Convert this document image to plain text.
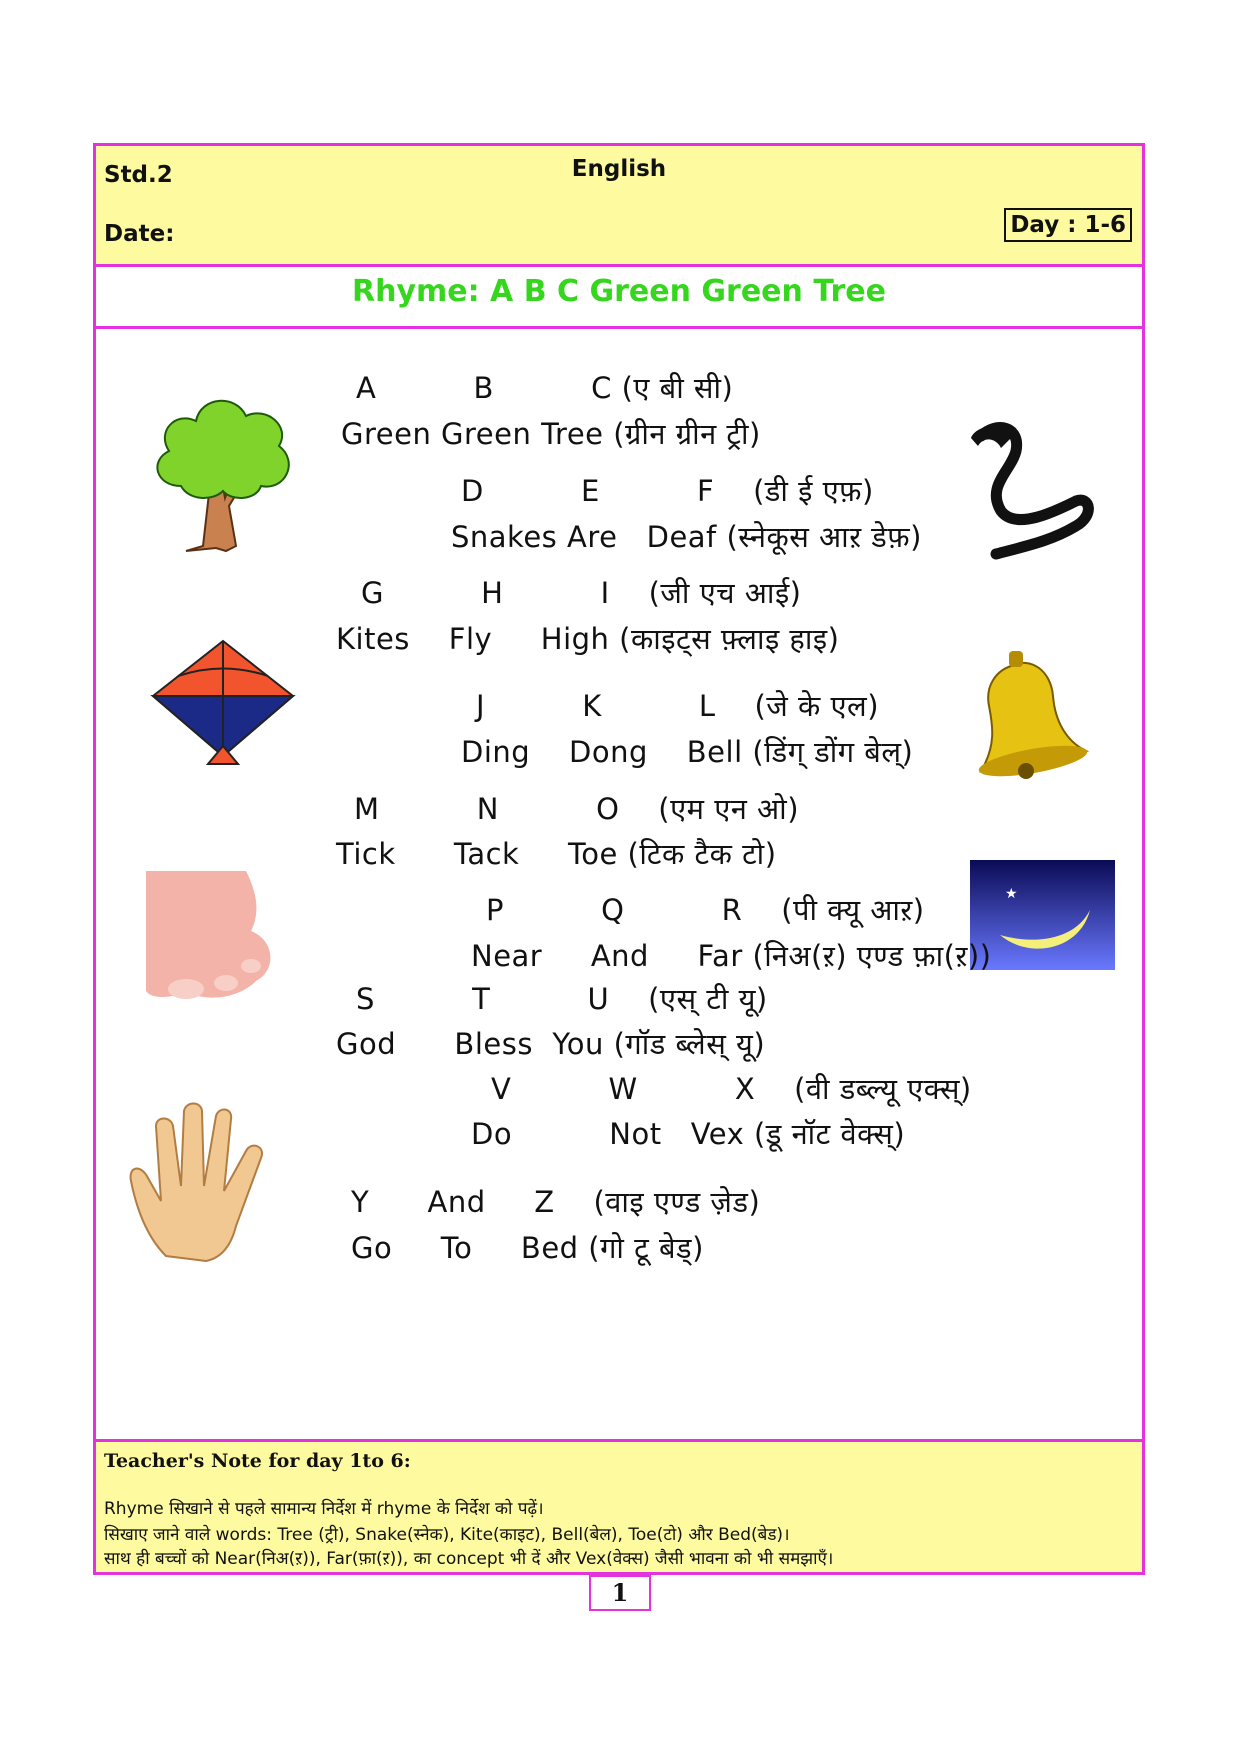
Std.2	English
Date:	Day : 1-6
Rhyme: A B C Green Green Tree
★
A          B          C (ए बी सी)
Green Green Tree (ग्रीन ग्रीन ट्री)
D          E          F    (डी ई एफ़)
Snakes Are   Deaf (स्नेकूस आऱ डेफ़)
G          H          I    (जी एच आई)
Kites    Fly     High (काइट्स फ़्लाइ हाइ)
J          K          L    (जे के एल)
Ding    Dong    Bell (डिंग् डोंग बेल्)
M          N          O    (एम एन ओ)
Tick      Tack     Toe (टिक टैक टो)
P          Q          R    (पी क्यू आऱ)
Near     And     Far (निअ(ऱ) एण्ड फ़ा(ऱ))
S          T          U    (एस् टी यू)
God      Bless  You (गॉड ब्लेस् यू)
V          W          X    (वी डब्ल्यू एक्स्)
Do          Not   Vex (डू नॉट वेक्स्)
Y      And     Z    (वाइ एण्ड ज़ेड)
Go     To     Bed (गो टू बेड्)
Teacher's Note for day 1to 6:
Rhyme सिखाने से पहले सामान्य निर्देश में rhyme के निर्देश को पढ़ें।
सिखाए जाने वाले words: Tree (ट्री), Snake(स्नेक), Kite(काइट), Bell(बेल), Toe(टो) और Bed(बेड)।
साथ ही बच्चों को Near(निअ(ऱ)), Far(फ़ा(ऱ)), का concept भी दें और Vex(वेक्स) जैसी भावना को भी समझाएँ।
1
